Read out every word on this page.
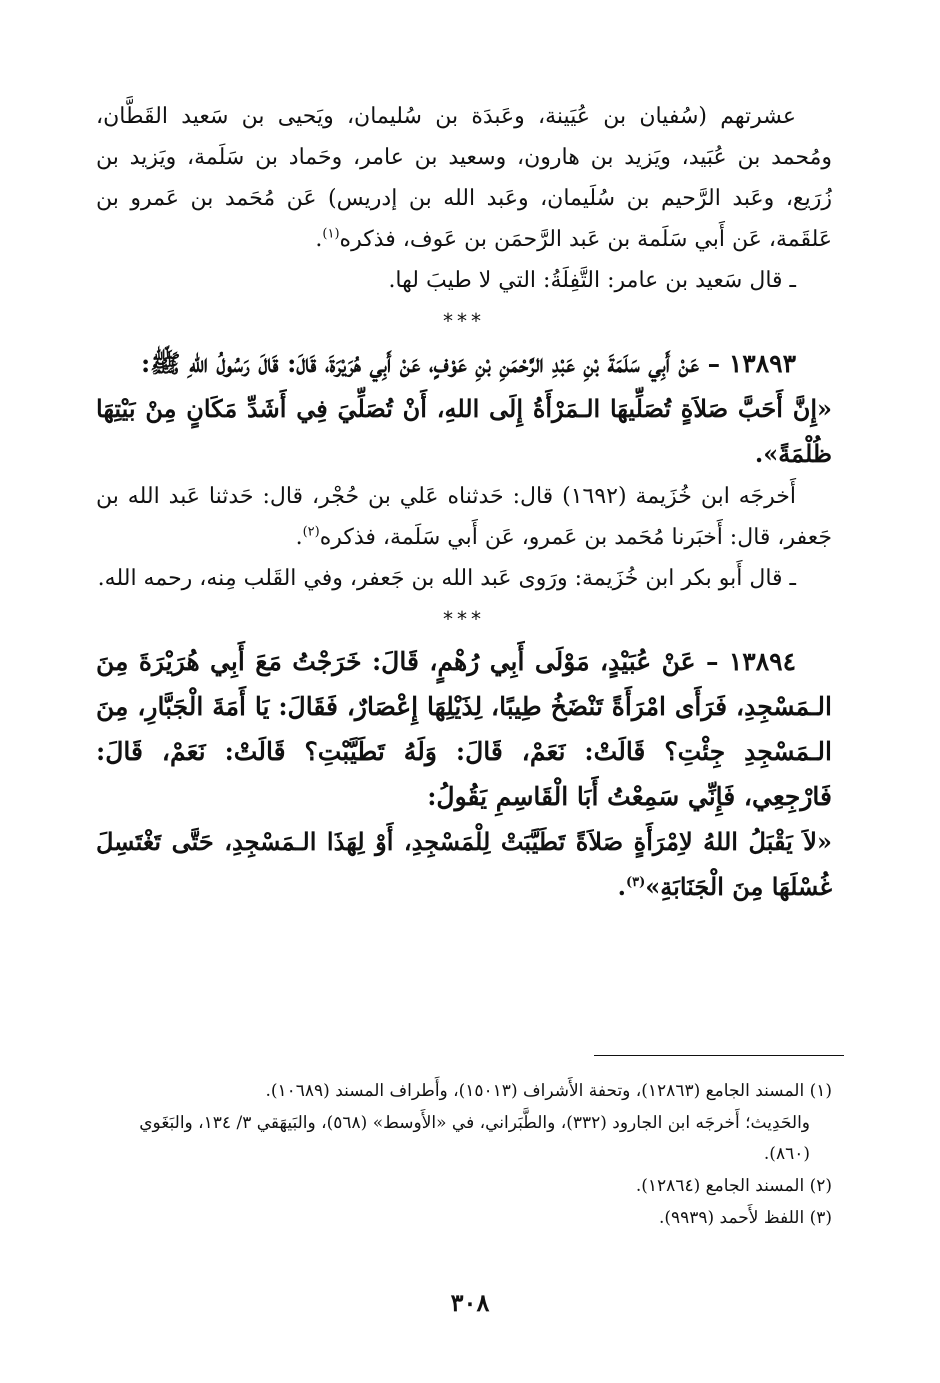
عشرتهم (سُفيان بن عُيَينة، وعَبدَة بن سُليمان، ويَحيى بن سَعيد القَطَّان، ومُحمد بن عُبَيد، ويَزيد بن هارون، وسعيد بن عامر، وحَماد بن سَلَمة، ويَزيد بن زُرَيع، وعَبد الرَّحيم بن سُلَيمان، وعَبد الله بن إدريس) عَن مُحَمد بن عَمرو بن عَلقَمة، عَن أَبي سَلَمة بن عَبد الرَّحمَن بن عَوف، فذكره$^{(١)}$.

ـ قال سَعيد بن عامر: التَّفِلَةُ: التي لا طيبَ لها.

***

١٣٨٩٣ – عَنْ أَبِي سَلَمَةَ بْنِ عَبْدِ الرَّحْمَنِ بْنِ عَوْفٍ، عَنْ أَبِي هُرَيْرَةَ، قَالَ: قَالَ رَسُولُ اللهِ ﷺ:

«إِنَّ أَحَبَّ صَلاَةٍ تُصَلِّيهَا الـمَرْأَةُ إِلَى اللهِ، أَنْ تُصَلِّيَ فِي أَشَدِّ مَكَانٍ مِنْ بَيْتِهَا ظُلْمَةً».

أَخرجَه ابن خُزَيمة (١٦٩٢) قال: حَدثناه عَلي بن حُجْر، قال: حَدثنا عَبد الله بن جَعفر، قال: أَخبَرنا مُحَمد بن عَمرو، عَن أَبي سَلَمة، فذكره$^{(٢)}$.

ـ قال أَبو بكر ابن خُزَيمة: ورَوى عَبد الله بن جَعفر، وفي القَلب مِنه، رحمه الله.

***

١٣٨٩٤ – عَنْ عُبَيْدٍ، مَوْلَى أَبِي رُهْمٍ، قَالَ: خَرَجْتُ مَعَ أَبِي هُرَيْرَةَ مِنَ الـمَسْجِدِ، فَرَأَى امْرَأَةً تَنْضَخُ طِيبًا، لِذَيْلِهَا إِعْصَارٌ، فَقَالَ: يَا أَمَةَ الْجَبَّارِ، مِنَ الـمَسْجِدِ جِئْتِ؟ قَالَتْ: نَعَمْ، قَالَ: وَلَهُ تَطَيَّبْتِ؟ قَالَتْ: نَعَمْ، قَالَ: فَارْجِعِي، فَإِنِّي سَمِعْتُ أَبَا الْقَاسِمِ يَقُولُ:

«لاَ يَقْبَلُ اللهُ لاِمْرَأَةٍ صَلاَةً تَطَيَّبَتْ لِلْمَسْجِدِ، أَوْ لِهَذَا الـمَسْجِدِ، حَتَّى تَغْتَسِلَ غُسْلَهَا مِنَ الْجَنَابَةِ»$^{(٣)}$.

(١) المسند الجامع (١٢٨٦٣)، وتحفة الأَشراف (١٥٠١٣)، وأَطراف المسند (١٠٦٨٩).

والحَدِيث؛ أَخرجَه ابن الجارود (٣٣٢)، والطَّبَراني، في «الأَوسط» (٥٦٨)، والبَيهَقي ٣/ ١٣٤، والبَغَوي (٨٦٠).

(٢) المسند الجامع (١٢٨٦٤).

(٣) اللفظ لأَحمد (٩٩٣٩).

٣٠٨
